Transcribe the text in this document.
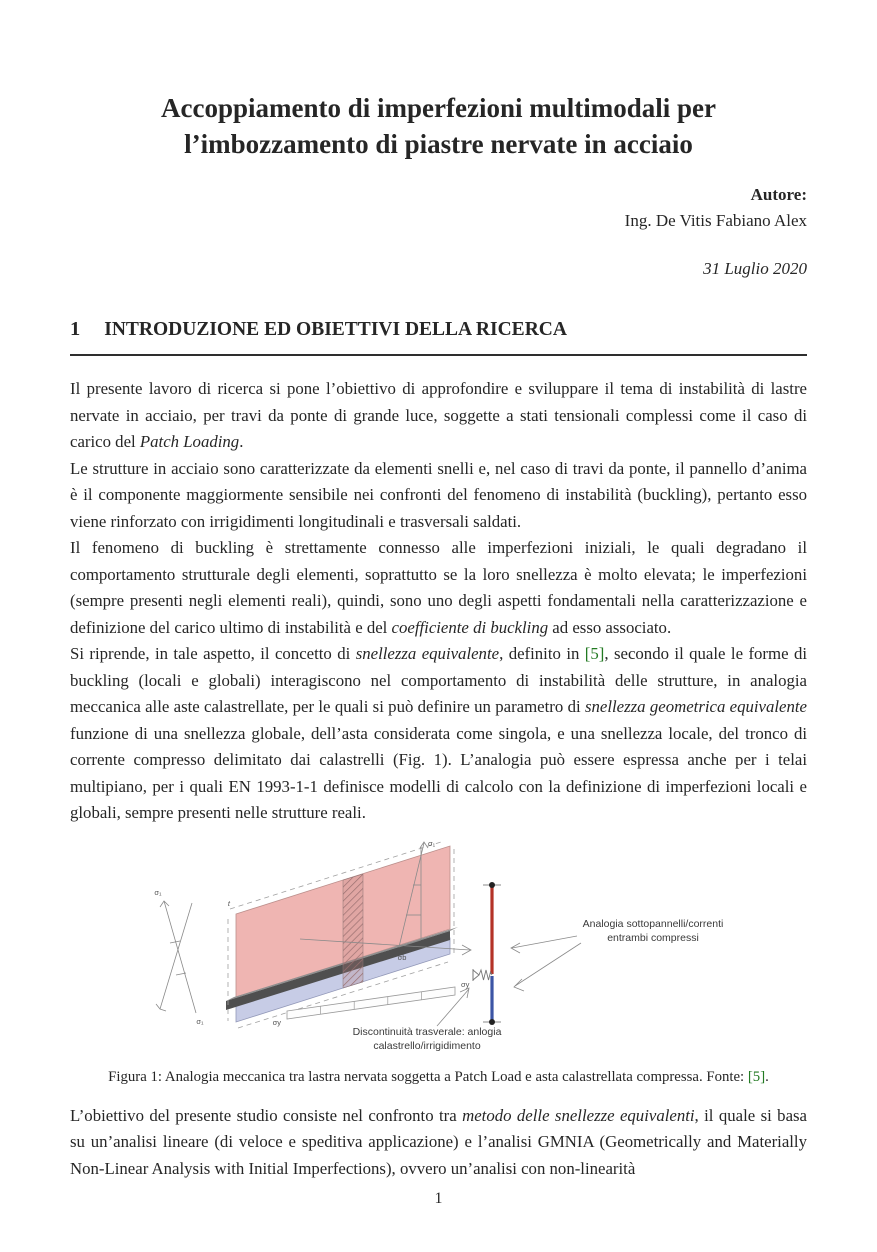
Accoppiamento di imperfezioni multimodali per
l’imbozzamento di piastre nervate in acciaio
Autore:
Ing. De Vitis Fabiano Alex
31 Luglio 2020
1 INTRODUZIONE ED OBIETTIVI DELLA RICERCA
Il presente lavoro di ricerca si pone l’obiettivo di approfondire e sviluppare il tema di instabilità di lastre nervate in acciaio, per travi da ponte di grande luce, soggette a stati tensionali complessi come il caso di carico del Patch Loading.
Le strutture in acciaio sono caratterizzate da elementi snelli e, nel caso di travi da ponte, il pannello d’anima è il componente maggiormente sensibile nei confronti del fenomeno di instabilità (buckling), pertanto esso viene rinforzato con irrigidimenti longitudinali e trasversali saldati.
Il fenomeno di buckling è strettamente connesso alle imperfezioni iniziali, le quali degradano il comportamento strutturale degli elementi, soprattutto se la loro snellezza è molto elevata; le imperfezioni (sempre presenti negli elementi reali), quindi, sono uno degli aspetti fondamentali nella caratterizzazione e definizione del carico ultimo di instabilità e del coefficiente di buckling ad esso associato.
Si riprende, in tale aspetto, il concetto di snellezza equivalente, definito in [5], secondo il quale le forme di buckling (locali e globali) interagiscono nel comportamento di instabilità delle strutture, in analogia meccanica alle aste calastrellate, per le quali si può definire un parametro di snellezza geometrica equivalente funzione di una snellezza globale, dell’asta considerata come singola, e una snellezza locale, del tronco di corrente compresso delimitato dai calastrelli (Fig. 1). L’analogia può essere espressa anche per i telai multipiano, per i quali EN 1993-1-1 definisce modelli di calcolo con la definizione di imperfezioni locali e globali, sempre presenti nelle strutture reali.
t
σ₁
σ₁	σy
σy
σ₁
σb
Analogia sottopannelli/correnti
entrambi compressi
Discontinuità trasverale: anlogia
calastrello/irrigidimento
Figura 1: Analogia meccanica tra lastra nervata soggetta a Patch Load e asta calastrellata compressa. Fonte: [5].
L’obiettivo del presente studio consiste nel confronto tra metodo delle snellezze equivalenti, il quale si basa su un’analisi lineare (di veloce e speditiva applicazione) e l’analisi GMNIA (Geometrically and Materially Non-Linear Analysis with Initial Imperfections), ovvero un’analisi con non-linearità
1
